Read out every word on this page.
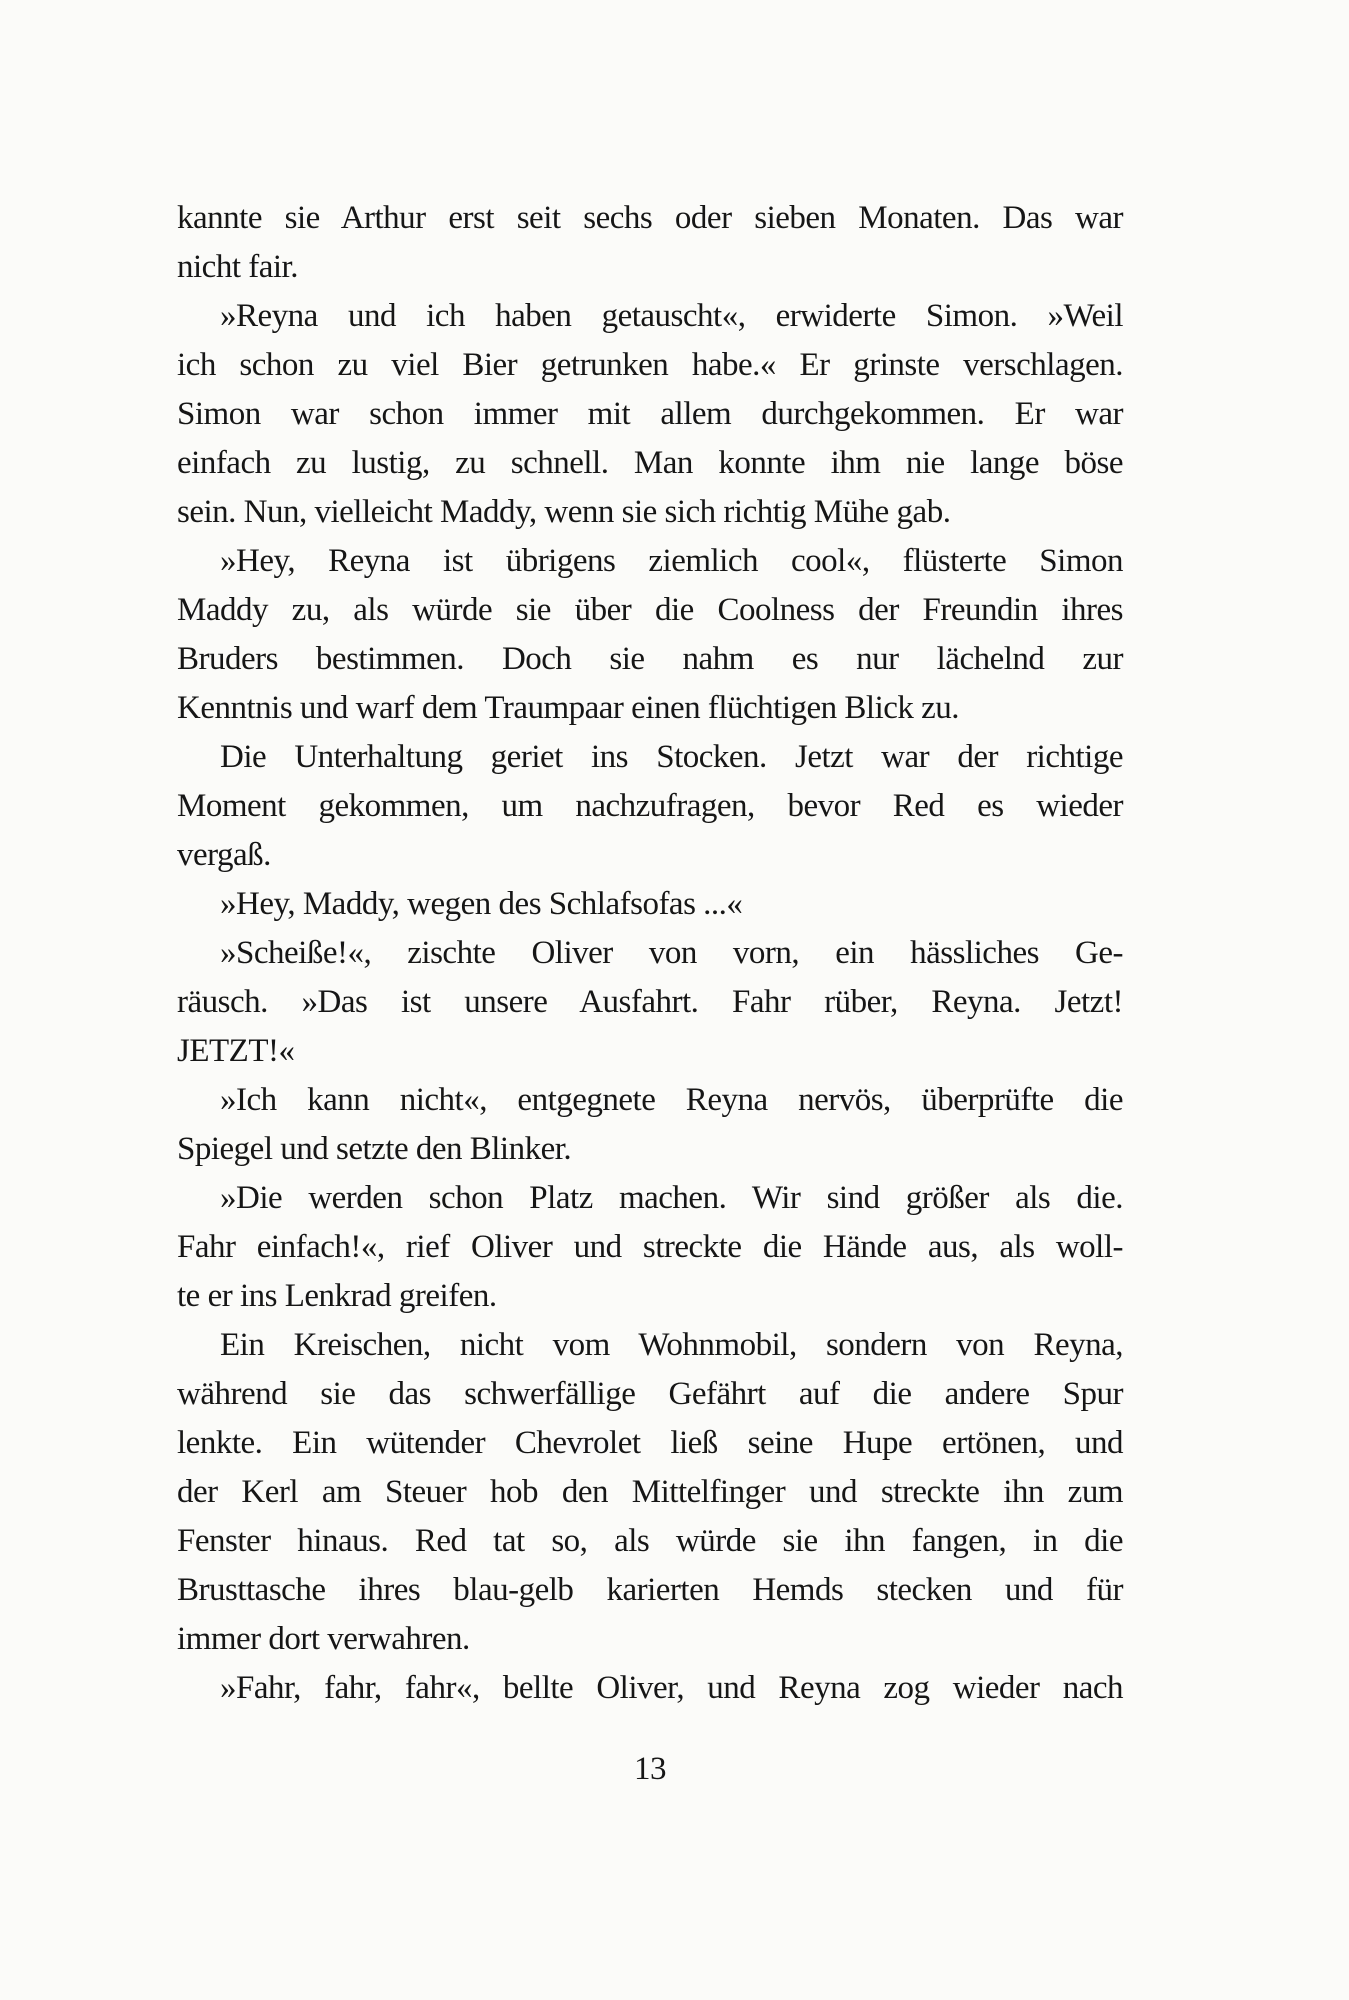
kannte sie Arthur erst seit sechs oder sieben Monaten. Das war
nicht fair.
»Reyna und ich haben getauscht«, erwiderte Simon. »Weil
ich schon zu viel Bier getrunken habe.« Er grinste verschlagen.
Simon war schon immer mit allem durchgekommen. Er war
einfach zu lustig, zu schnell. Man konnte ihm nie lange böse
sein. Nun, vielleicht Maddy, wenn sie sich richtig Mühe gab.
»Hey, Reyna ist übrigens ziemlich cool«, flüsterte Simon
Maddy zu, als würde sie über die Coolness der Freundin ihres
Bruders bestimmen. Doch sie nahm es nur lächelnd zur
Kenntnis und warf dem Traumpaar einen flüchtigen Blick zu.
Die Unterhaltung geriet ins Stocken. Jetzt war der richtige
Moment gekommen, um nachzufragen, bevor Red es wieder
vergaß.
»Hey, Maddy, wegen des Schlafsofas ...«
»Scheiße!«, zischte Oliver von vorn, ein hässliches Ge-
räusch. »Das ist unsere Ausfahrt. Fahr rüber, Reyna. Jetzt!
JETZT!«
»Ich kann nicht«, entgegnete Reyna nervös, überprüfte die
Spiegel und setzte den Blinker.
»Die werden schon Platz machen. Wir sind größer als die.
Fahr einfach!«, rief Oliver und streckte die Hände aus, als woll-
te er ins Lenkrad greifen.
Ein Kreischen, nicht vom Wohnmobil, sondern von Reyna,
während sie das schwerfällige Gefährt auf die andere Spur
lenkte. Ein wütender Chevrolet ließ seine Hupe ertönen, und
der Kerl am Steuer hob den Mittelfinger und streckte ihn zum
Fenster hinaus. Red tat so, als würde sie ihn fangen, in die
Brusttasche ihres blau-gelb karierten Hemds stecken und für
immer dort verwahren.
»Fahr, fahr, fahr«, bellte Oliver, und Reyna zog wieder nach
13
